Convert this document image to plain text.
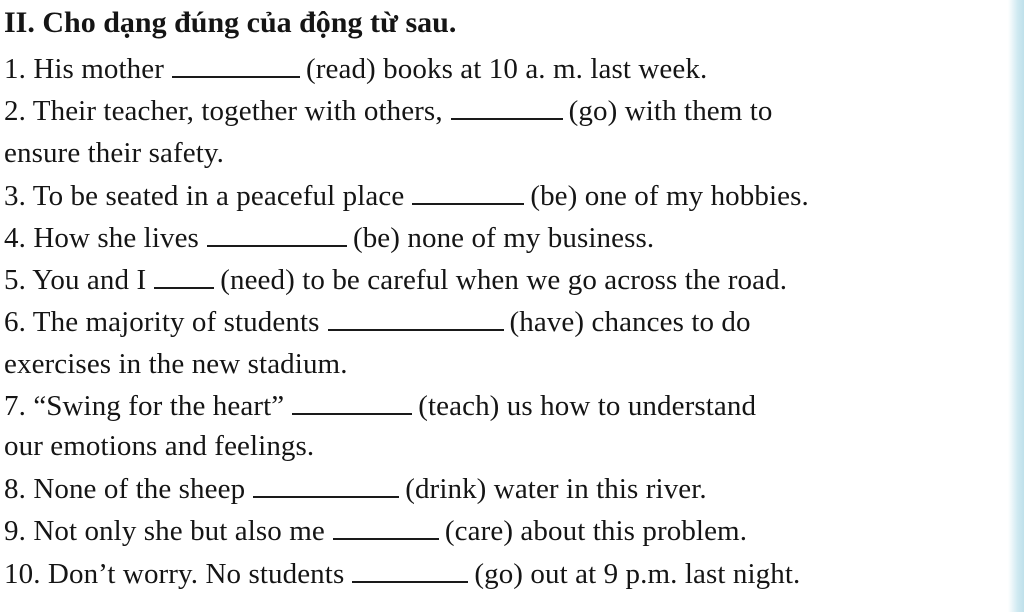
II. Cho dạng đúng của động từ sau.
1. His mother	(read) books at 10 a. m. last week.
2. Their teacher, together with others,	(go) with them to
ensure their safety.
3. To be seated in a peaceful place	(be) one of my hobbies.
4. How she lives	(be) none of my business.
5. You and I	(need) to be careful when we go across the road.
6. The majority of students	(have) chances to do
exercises in the new stadium.
7. “Swing for the heart”	(teach) us how to understand
our emotions and feelings.
8. None of the sheep	(drink) water in this river.
9. Not only she but also me	(care) about this problem.
10. Don’t worry. No students	(go) out at 9 p.m. last night.
